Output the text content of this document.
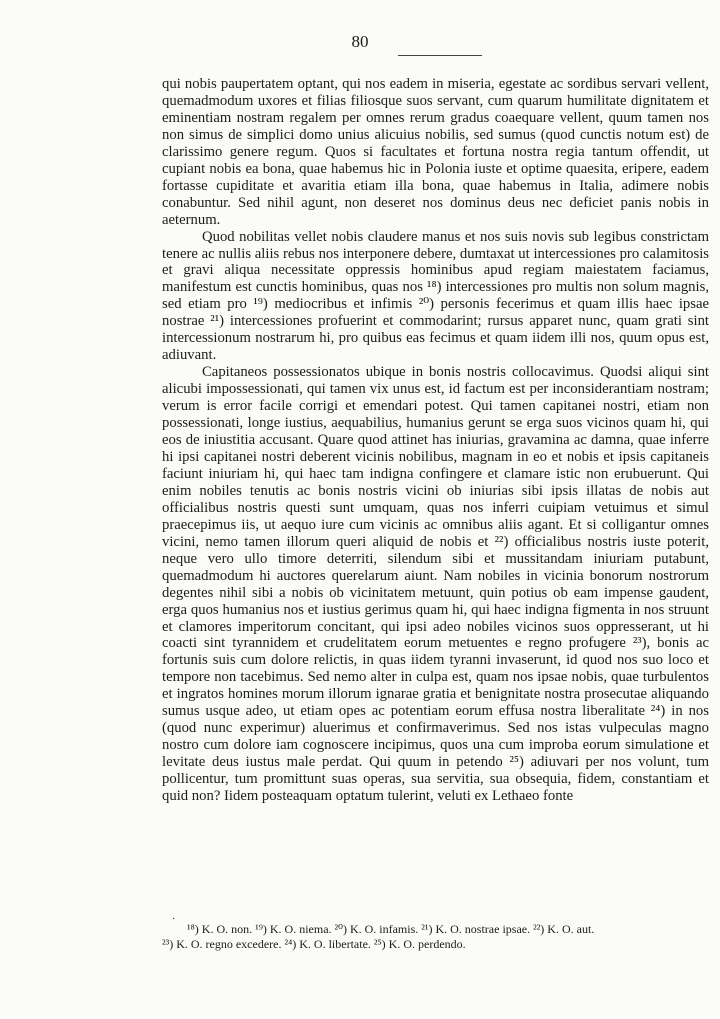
80

qui nobis paupertatem optant, qui nos eadem in miseria, egestate ac sordibus servari vellent, quemadmodum uxores et filias filiosque suos servant, cum quarum humilitate dignitatem et eminentiam nostram regalem per omnes rerum gradus coaequare vellent, quum tamen nos non simus de simplici domo unius alicuius nobilis, sed sumus (quod cunctis notum est) de clarissimo genere regum. Quos si facultates et fortuna nostra regia tantum offendit, ut cupiant nobis ea bona, quae habemus hic in Polonia iuste et optime quaesita, eripere, eadem fortasse cupiditate et avaritia etiam illa bona, quae habemus in Italia, adimere nobis conabuntur. Sed nihil agunt, non deseret nos dominus deus nec deficiet panis nobis in aeternum.

Quod nobilitas vellet nobis claudere manus et nos suis novis sub legibus constrictam tenere ac nullis aliis rebus nos interponere debere, dumtaxat ut intercessiones pro calamitosis et gravi aliqua necessitate oppressis hominibus apud regiam maiestatem faciamus, manifestum est cunctis hominibus, quas nos ¹⁸) intercessiones pro multis non solum magnis, sed etiam pro ¹⁹) mediocribus et infimis ²⁰) personis fecerimus et quam illis haec ipsae nostrae ²¹) intercessiones profuerint et commodarint; rursus apparet nunc, quam grati sint intercessionum nostrarum hi, pro quibus eas fecimus et quam iidem illi nos, quum opus est, adiuvant.

Capitaneos possessionatos ubique in bonis nostris collocavimus. Quodsi aliqui sint alicubi impossessionati, qui tamen vix unus est, id factum est per inconsiderantiam nostram; verum is error facile corrigi et emendari potest. Qui tamen capitanei nostri, etiam non possessionati, longe iustius, aequabilius, humanius gerunt se erga suos vicinos quam hi, qui eos de iniustitia accusant. Quare quod attinet has iniurias, gravamina ac damna, quae inferre hi ipsi capitanei nostri deberent vicinis nobilibus, magnam in eo et nobis et ipsis capitaneis faciunt iniuriam hi, qui haec tam indigna confingere et clamare istic non erubuerunt. Qui enim nobiles tenutis ac bonis nostris vicini ob iniurias sibi ipsis illatas de nobis aut officialibus nostris questi sunt umquam, quas nos inferri cuipiam vetuimus et simul praecepimus iis, ut aequo iure cum vicinis ac omnibus aliis agant. Et si colligantur omnes vicini, nemo tamen illorum queri aliquid de nobis et ²²) officialibus nostris iuste poterit, neque vero ullo timore deterriti, silendum sibi et mussitandam iniuriam putabunt, quemadmodum hi auctores querelarum aiunt. Nam nobiles in vicinia bonorum nostrorum degentes nihil sibi a nobis ob vicinitatem metuunt, quin potius ob eam impense gaudent, erga quos humanius nos et iustius gerimus quam hi, qui haec indigna figmenta in nos struunt et clamores imperitorum concitant, qui ipsi adeo nobiles vicinos suos oppresserant, ut hi coacti sint tyrannidem et crudelitatem eorum metuentes e regno profugere ²³), bonis ac fortunis suis cum dolore relictis, in quas iidem tyranni invaserunt, id quod nos suo loco et tempore non tacebimus. Sed nemo alter in culpa est, quam nos ipsae nobis, quae turbulentos et ingratos homines morum illorum ignarae gratia et benignitate nostra prosecutae aliquando sumus usque adeo, ut etiam opes ac potentiam eorum effusa nostra liberalitate ²⁴) in nos (quod nunc experimur) aluerimus et confirmaverimus. Sed nos istas vulpeculas magno nostro cum dolore iam cognoscere incipimus, quos una cum improba eorum simulatione et levitate deus iustus male perdat. Qui quum in petendo ²⁵) adiuvari per nos volunt, tum pollicentur, tum promittunt suas operas, sua servitia, sua obsequia, fidem, constantiam et quid non? Iidem posteaquam optatum tulerint, veluti ex Lethaeo fonte

·

¹⁸) K. O. non. ¹⁹) K. O. niema. ²⁰) K. O. infamis. ²¹) K. O. nostrae ipsae. ²²) K. O. aut.

²³) K. O. regno excedere. ²⁴) K. O. libertate. ²⁵) K. O. perdendo.
